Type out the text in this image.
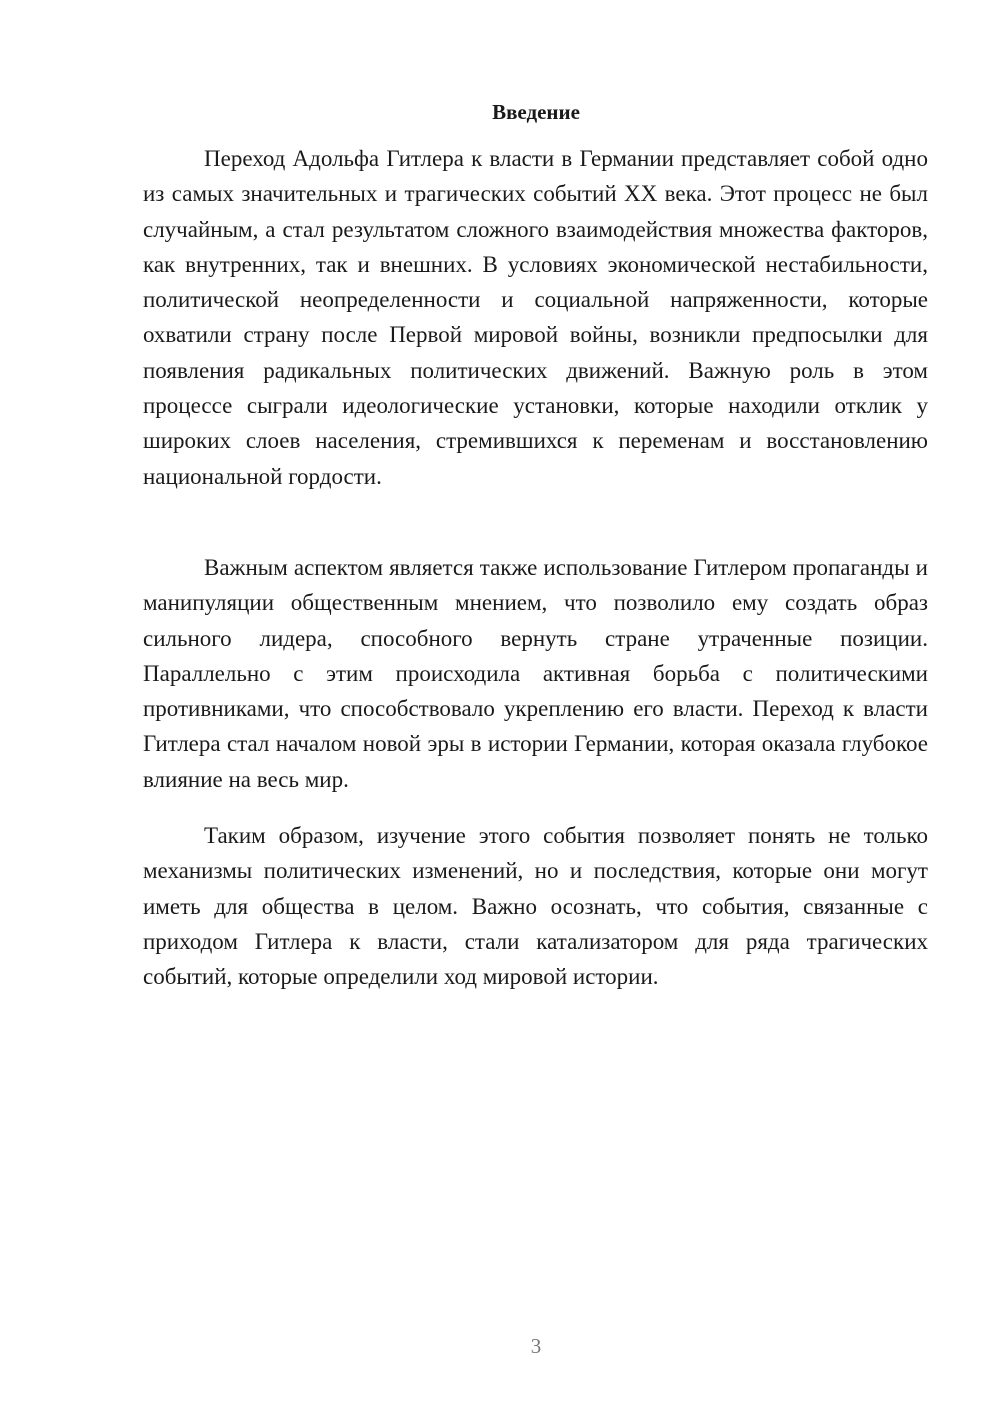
Введение

Переход Адольфа Гитлера к власти в Германии представляет собой одно из самых значительных и трагических событий XX века. Этот процесс не был случайным, а стал результатом сложного взаимодействия множества факторов, как внутренних, так и внешних. В условиях экономической нестабильности, политической неопределенности и социальной напряженности, которые охватили страну после Первой мировой войны, возникли предпосылки для появления радикальных политических движений. Важную роль в этом процессе сыграли идеологические установки, которые находили отклик у широких слоев населения, стремившихся к переменам и восстановлению национальной гордости.

Важным аспектом является также использование Гитлером пропаганды и манипуляции общественным мнением, что позволило ему создать образ сильного лидера, способного вернуть стране утраченные позиции. Параллельно с этим происходила активная борьба с политическими противниками, что способствовало укреплению его власти. Переход к власти Гитлера стал началом новой эры в истории Германии, которая оказала глубокое влияние на весь мир.

Таким образом, изучение этого события позволяет понять не только механизмы политических изменений, но и последствия, которые они могут иметь для общества в целом. Важно осознать, что события, связанные с приходом Гитлера к власти, стали катализатором для ряда трагических событий, которые определили ход мировой истории.

3
